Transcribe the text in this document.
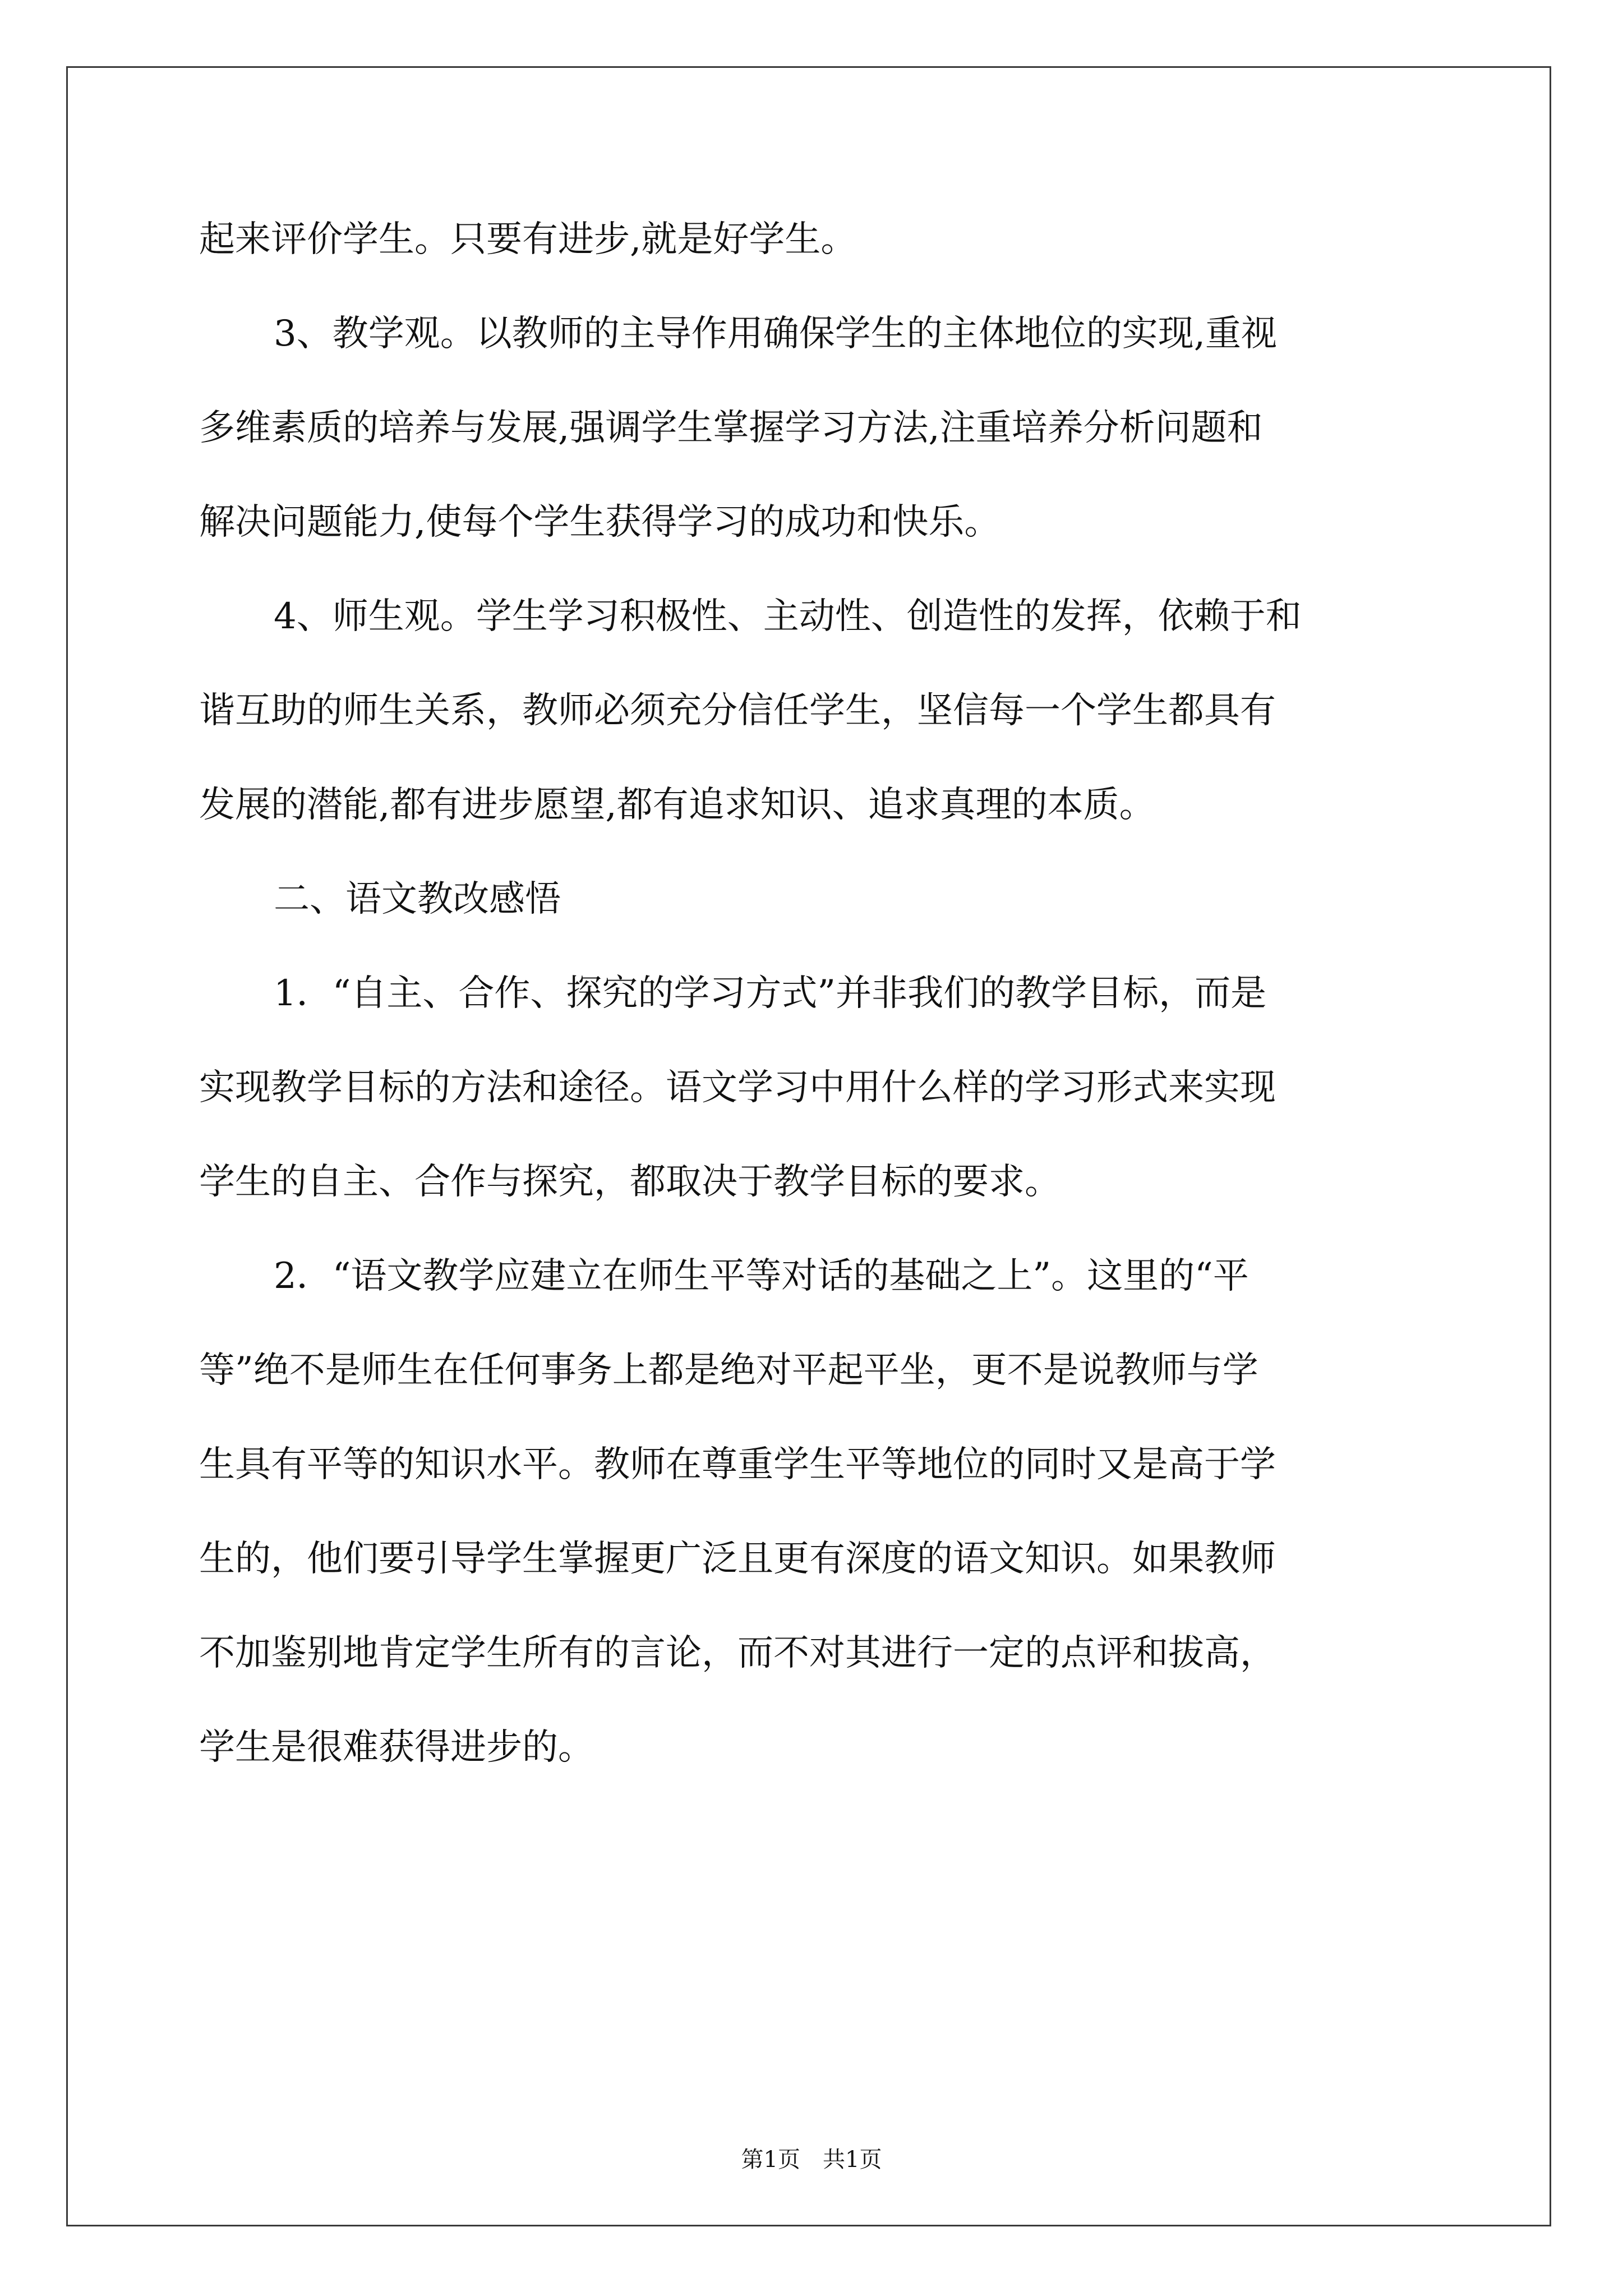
起来评价学生。只要有进步,就是好学生。
3、教学观。以教师的主导作用确保学生的主体地位的实现,重视
多维素质的培养与发展,强调学生掌握学习方法,注重培养分析问题和
解决问题能力,使每个学生获得学习的成功和快乐。
4、师生观。学生学习积极性、主动性、创造性的发挥，依赖于和
谐互助的师生关系，教师必须充分信任学生，坚信每一个学生都具有
发展的潜能,都有进步愿望,都有追求知识、追求真理的本质。
二、语文教改感悟
1．“自主、合作、探究的学习方式”并非我们的教学目标，而是
实现教学目标的方法和途径。语文学习中用什么样的学习形式来实现
学生的自主、合作与探究，都取决于教学目标的要求。
2．“语文教学应建立在师生平等对话的基础之上”。这里的“平
等”绝不是师生在任何事务上都是绝对平起平坐，更不是说教师与学
生具有平等的知识水平。教师在尊重学生平等地位的同时又是高于学
生的，他们要引导学生掌握更广泛且更有深度的语文知识。如果教师
不加鉴别地肯定学生所有的言论，而不对其进行一定的点评和拔高，
学生是很难获得进步的。
第1页 共1页
